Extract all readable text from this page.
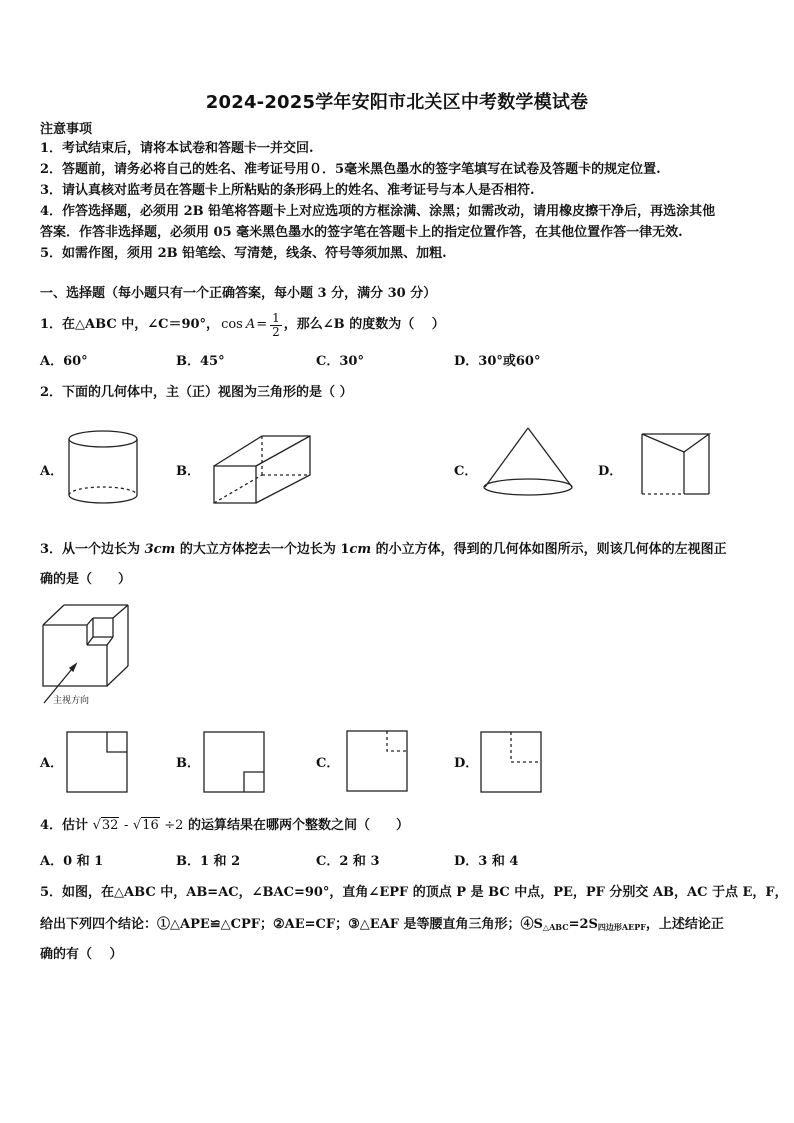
2024-2025学年安阳市北关区中考数学模试卷
注意事项
1．考试结束后，请将本试卷和答题卡一并交回.
2．答题前，请务必将自己的姓名、准考证号用０．5毫米黑色墨水的签字笔填写在试卷及答题卡的规定位置.
3．请认真核对监考员在答题卡上所粘贴的条形码上的姓名、准考证号与本人是否相符.
4．作答选择题，必须用 2B 铅笔将答题卡上对应选项的方框涂满、涂黑；如需改动，请用橡皮擦干净后，再选涂其他
答案．作答非选择题，必须用 05 毫米黑色墨水的签字笔在答题卡上的指定位置作答，在其他位置作答一律无效.
5．如需作图，须用 2B 铅笔绘、写清楚，线条、符号等须加黑、加粗.
一、选择题（每小题只有一个正确答案，每小题 3 分，满分 30 分）
1．在△ABC 中，∠C＝90°， $\cos A = \frac{1}{2}$ ，那么∠B 的度数为（　 ）
A．60°	B．45°	C．30°	D．30°或60°
2．下面的几何体中，主（正）视图为三角形的是（ ）
A．	B．	C．	D．
3．从一个边长为 3cm 的大立方体挖去一个边长为 1cm 的小立方体，得到的几何体如图所示，则该几何体的左视图正
确的是（　　）
主视方向
A．	B．	C．	D．
4．估计 √32 - √16 ÷2 的运算结果在哪两个整数之间（　　）
A．0 和 1	B．1 和 2	C．2 和 3	D．3 和 4
5．如图，在△ABC 中，AB=AC，∠BAC=90°，直角∠EPF 的顶点 P 是 BC 中点，PE，PF 分别交 AB，AC 于点 E，F，
给出下列四个结论：①△APE≌△CPF；②AE=CF；③△EAF 是等腰直角三角形；$④S_{\triangle ABC}=2S_{四边形AEPF}$，上述结论正
确的有（　 ）
